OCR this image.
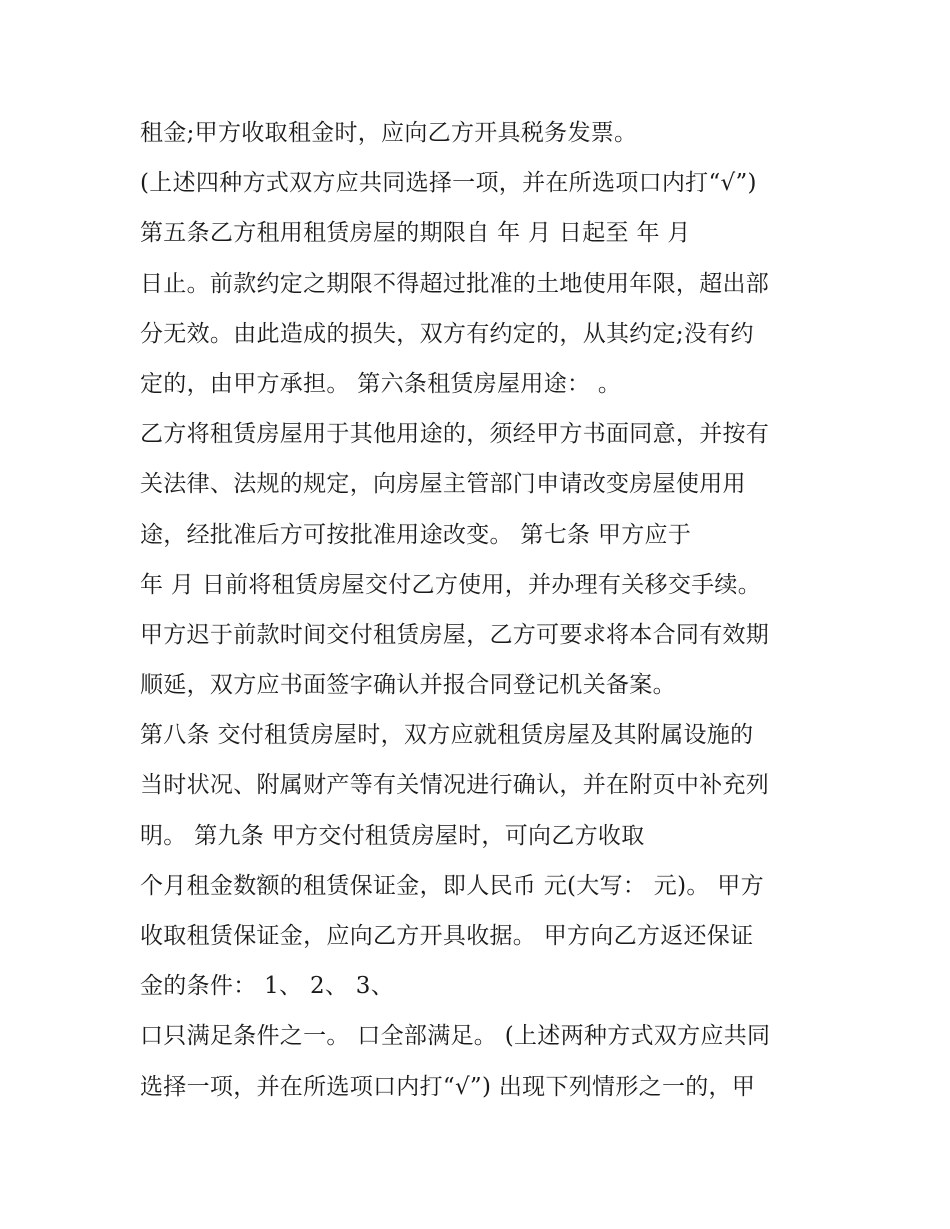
租金;甲方收取租金时，应向乙方开具税务发票。
(上述四种方式双方应共同选择一项，并在所选项口内打“√”)
第五条乙方租用租赁房屋的期限自 年 月 日起至 年 月
日止。前款约定之期限不得超过批准的土地使用年限，超出部
分无效。由此造成的损失，双方有约定的，从其约定;没有约
定的，由甲方承担。 第六条租赁房屋用途： 。
乙方将租赁房屋用于其他用途的，须经甲方书面同意，并按有
关法律、法规的规定，向房屋主管部门申请改变房屋使用用
途，经批准后方可按批准用途改变。 第七条 甲方应于
年 月 日前将租赁房屋交付乙方使用，并办理有关移交手续。
甲方迟于前款时间交付租赁房屋，乙方可要求将本合同有效期
顺延，双方应书面签字确认并报合同登记机关备案。
第八条 交付租赁房屋时，双方应就租赁房屋及其附属设施的
当时状况、附属财产等有关情况进行确认，并在附页中补充列
明。 第九条 甲方交付租赁房屋时，可向乙方收取
个月租金数额的租赁保证金，即人民币 元(大写： 元)。 甲方
收取租赁保证金，应向乙方开具收据。 甲方向乙方返还保证
金的条件： 1、 2、 3、
口只满足条件之一。 口全部满足。 (上述两种方式双方应共同
选择一项，并在所选项口内打“√”) 出现下列情形之一的，甲
